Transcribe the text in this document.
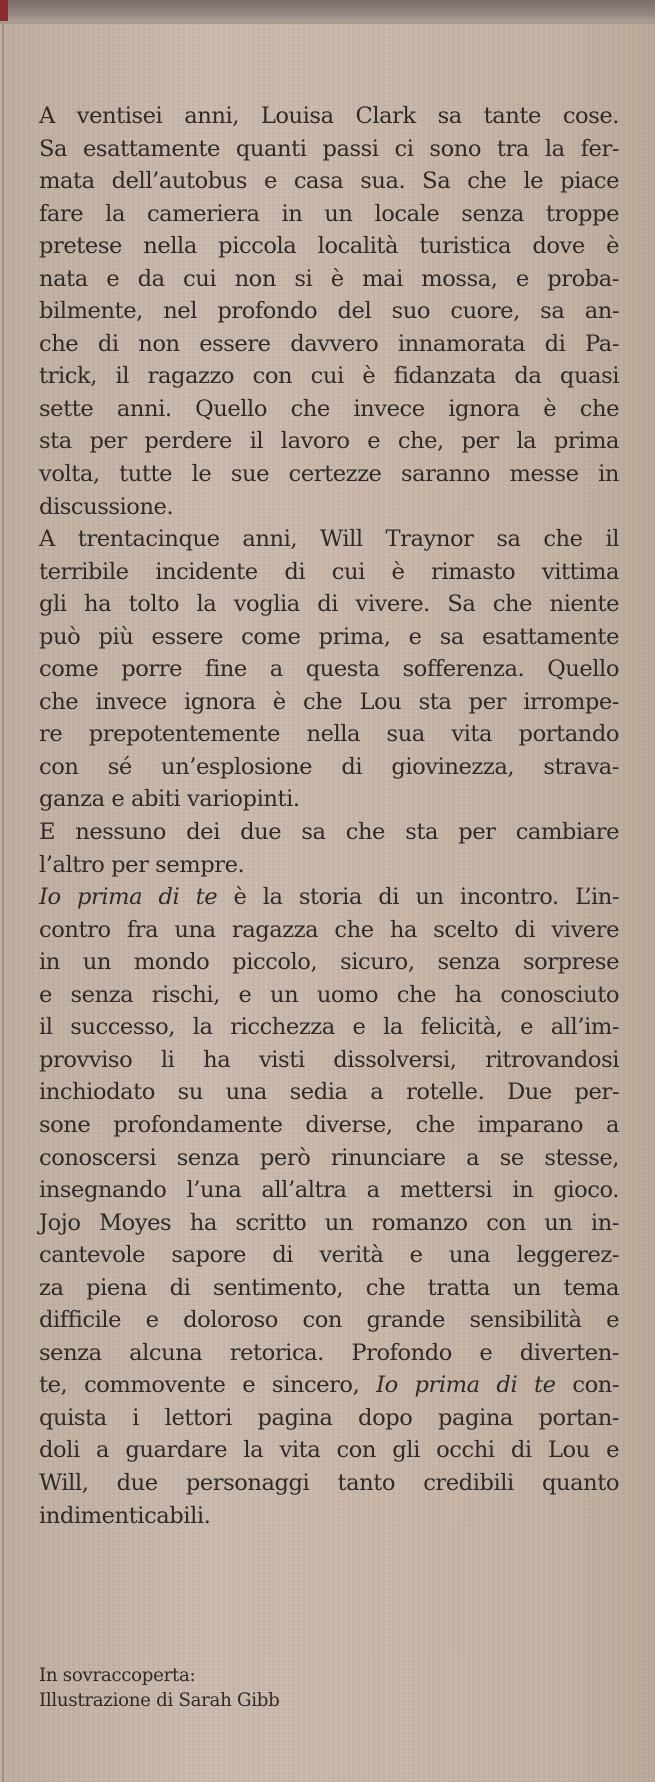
A ventisei anni, Louisa Clark sa tante cose.
Sa esattamente quanti passi ci sono tra la fer-
mata dell’autobus e casa sua. Sa che le piace
fare la cameriera in un locale senza troppe
pretese nella piccola località turistica dove è
nata e da cui non si è mai mossa, e proba-
bilmente, nel profondo del suo cuore, sa an-
che di non essere davvero innamorata di Pa-
trick, il ragazzo con cui è fidanzata da quasi
sette anni. Quello che invece ignora è che
sta per perdere il lavoro e che, per la prima
volta, tutte le sue certezze saranno messe in
discussione.
A trentacinque anni, Will Traynor sa che il
terribile incidente di cui è rimasto vittima
gli ha tolto la voglia di vivere. Sa che niente
può più essere come prima, e sa esattamente
come porre fine a questa sofferenza. Quello
che invece ignora è che Lou sta per irrompe-
re prepotentemente nella sua vita portando
con sé un’esplosione di giovinezza, strava-
ganza e abiti variopinti.
E nessuno dei due sa che sta per cambiare
l’altro per sempre.
Io prima di te è la storia di un incontro. L’in-
contro fra una ragazza che ha scelto di vivere
in un mondo piccolo, sicuro, senza sorprese
e senza rischi, e un uomo che ha conosciuto
il successo, la ricchezza e la felicità, e all’im-
provviso li ha visti dissolversi, ritrovandosi
inchiodato su una sedia a rotelle. Due per-
sone profondamente diverse, che imparano a
conoscersi senza però rinunciare a se stesse,
insegnando l’una all’altra a mettersi in gioco.
Jojo Moyes ha scritto un romanzo con un in-
cantevole sapore di verità e una leggerez-
za piena di sentimento, che tratta un tema
difficile e doloroso con grande sensibilità e
senza alcuna retorica. Profondo e diverten-
te, commovente e sincero, Io prima di te con-
quista i lettori pagina dopo pagina portan-
doli a guardare la vita con gli occhi di Lou e
Will, due personaggi tanto credibili quanto
indimenticabili.
In sovraccoperta:
Illustrazione di Sarah Gibb
